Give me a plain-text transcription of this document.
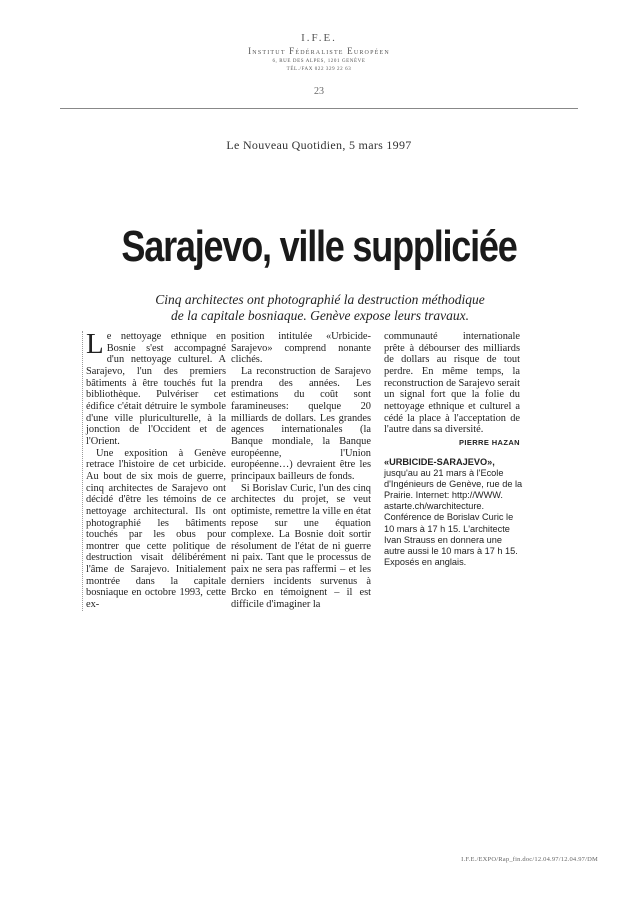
I.F.E.
Institut Fédéraliste Européen
6, RUE DES ALPES, 1201 GENÈVE
TÉL./FAX 022 329 22 63
23
Le Nouveau Quotidien, 5 mars 1997
Sarajevo, ville suppliciée
Cinq architectes ont photographié la destruction méthodique
de la capitale bosniaque. Genève expose leurs travaux.

Le nettoyage ethnique en Bosnie s'est accompagné d'un nettoyage culturel. A Sarajevo, l'un des premiers bâtiments à être touchés fut la bibliothèque. Pulvériser cet édifice c'était détruire le symbole d'une ville pluriculturelle, à la jonction de l'Occident et de l'Orient.

Une exposition à Genève retrace l'histoire de cet urbicide. Au bout de six mois de guerre, cinq architectes de Sarajevo ont décidé d'être les témoins de ce nettoyage architectural. Ils ont photographié les bâtiments touchés par les obus pour montrer que cette politique de destruction visait délibérément l'âme de Sarajevo. Initialement montrée dans la capitale bosniaque en octobre 1993, cette ex-

position intitulée «Urbicide-Sarajevo» comprend nonante clichés.

La reconstruction de Sarajevo prendra des années. Les estimations du coût sont faramineuses: quelque 20 milliards de dollars. Les grandes agences internationales (la Banque mondiale, la Banque européenne, l'Union européenne…) devraient être les principaux bailleurs de fonds.

Si Borislav Curic, l'un des cinq architectes du projet, se veut optimiste, remettre la ville en état repose sur une équation complexe. La Bosnie doit sortir résolument de l'état de ni guerre ni paix. Tant que le processus de paix ne sera pas raffermi – et les derniers incidents survenus à Brcko en témoignent – il est difficile d'imaginer la

communauté internationale prête à débourser des milliards de dollars au risque de tout perdre. En même temps, la reconstruction de Sarajevo serait un signal fort que la folie du nettoyage ethnique et culturel a cédé la place à l'acceptation de l'autre dans sa diversité.

PIERRE HAZAN

«URBICIDE-SARAJEVO»,
jusqu'au au 21 mars à l'Ecole d'Ingénieurs de Genève, rue de la Prairie. Internet: http://WWW. astarte.ch/warchitecture. Conférence de Borislav Curic le 10 mars à 17 h 15. L'architecte Ivan Strauss en donnera une autre aussi le 10 mars à 17 h 15. Exposés en anglais.
I.F.E./EXPO/Rap_fin.doc/12.04.97/12.04.97/DM
